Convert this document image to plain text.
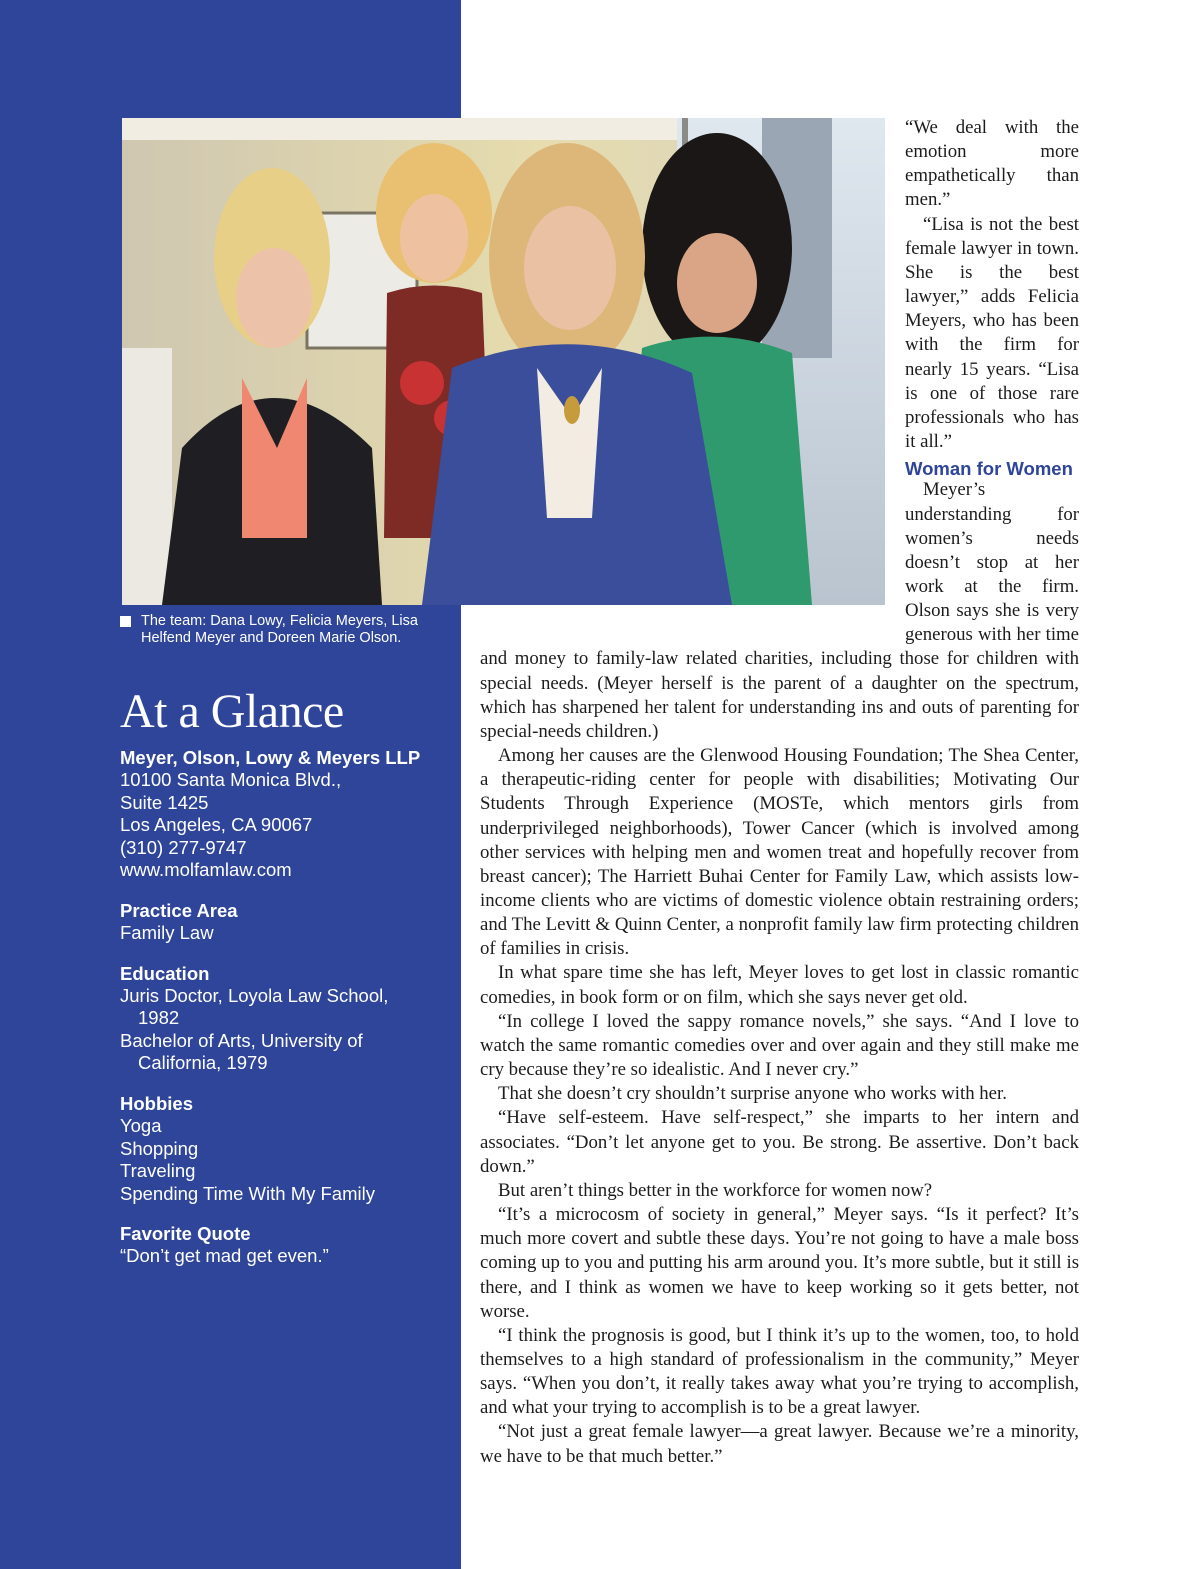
The team: Dana Lowy, Felicia Meyers, Lisa Helfend Meyer and Doreen Marie Olson.
At a Glance
Meyer, Olson, Lowy & Meyers LLP
10100 Santa Monica Blvd.,
Suite 1425
Los Angeles, CA 90067
(310) 277-9747
www.molfamlaw.com
Practice Area
Family Law
Education
Juris Doctor, Loyola Law School,
1982
Bachelor of Arts, University of
California, 1979
Hobbies
Yoga
Shopping
Traveling
Spending Time With My Family
Favorite Quote
“Don’t get mad get even.”

“We deal with the emotion more empathetically than men.”

“Lisa is not the best female lawyer in town. She is the best lawyer,” adds Felicia Meyers, who has been with the firm for nearly 15 years. “Lisa is one of those rare professionals who has it all.”

Woman for Women

Meyer’s understanding for women’s needs doesn’t stop at her work at the firm. Olson says she is very generous with her time and money to family-law related charities, including those for children with special needs. (Meyer herself is the parent of a daughter on the spectrum, which has sharpened her talent for understanding ins and outs of parenting for special-needs children.)

Among her causes are the Glenwood Housing Foundation; The Shea Center, a therapeutic-riding center for people with disabilities; Motivating Our Students Through Experience (MOSTe, which mentors girls from underprivileged neighborhoods), Tower Cancer (which is involved among other services with helping men and women treat and hopefully recover from breast cancer); The Harriett Buhai Center for Family Law, which assists low-income clients who are victims of domestic violence obtain restraining orders; and The Levitt & Quinn Center, a nonprofit family law firm protecting children of families in crisis.

In what spare time she has left, Meyer loves to get lost in classic romantic comedies, in book form or on film, which she says never get old.

“In college I loved the sappy romance novels,” she says. “And I love to watch the same romantic comedies over and over again and they still make me cry because they’re so idealistic. And I never cry.”

That she doesn’t cry shouldn’t surprise anyone who works with her.

“Have self-esteem. Have self-respect,” she imparts to her intern and associates. “Don’t let anyone get to you. Be strong. Be assertive. Don’t back down.”

But aren’t things better in the workforce for women now?

“It’s a microcosm of society in general,” Meyer says. “Is it perfect? It’s much more covert and subtle these days. You’re not going to have a male boss coming up to you and putting his arm around you. It’s more subtle, but it still is there, and I think as women we have to keep working so it gets better, not worse.

“I think the prognosis is good, but I think it’s up to the women, too, to hold themselves to a high standard of professionalism in the community,” Meyer says. “When you don’t, it really takes away what you’re trying to accomplish, and what your trying to accomplish is to be a great lawyer.

“Not just a great female lawyer—a great lawyer. Because we’re a minority, we have to be that much better.”
